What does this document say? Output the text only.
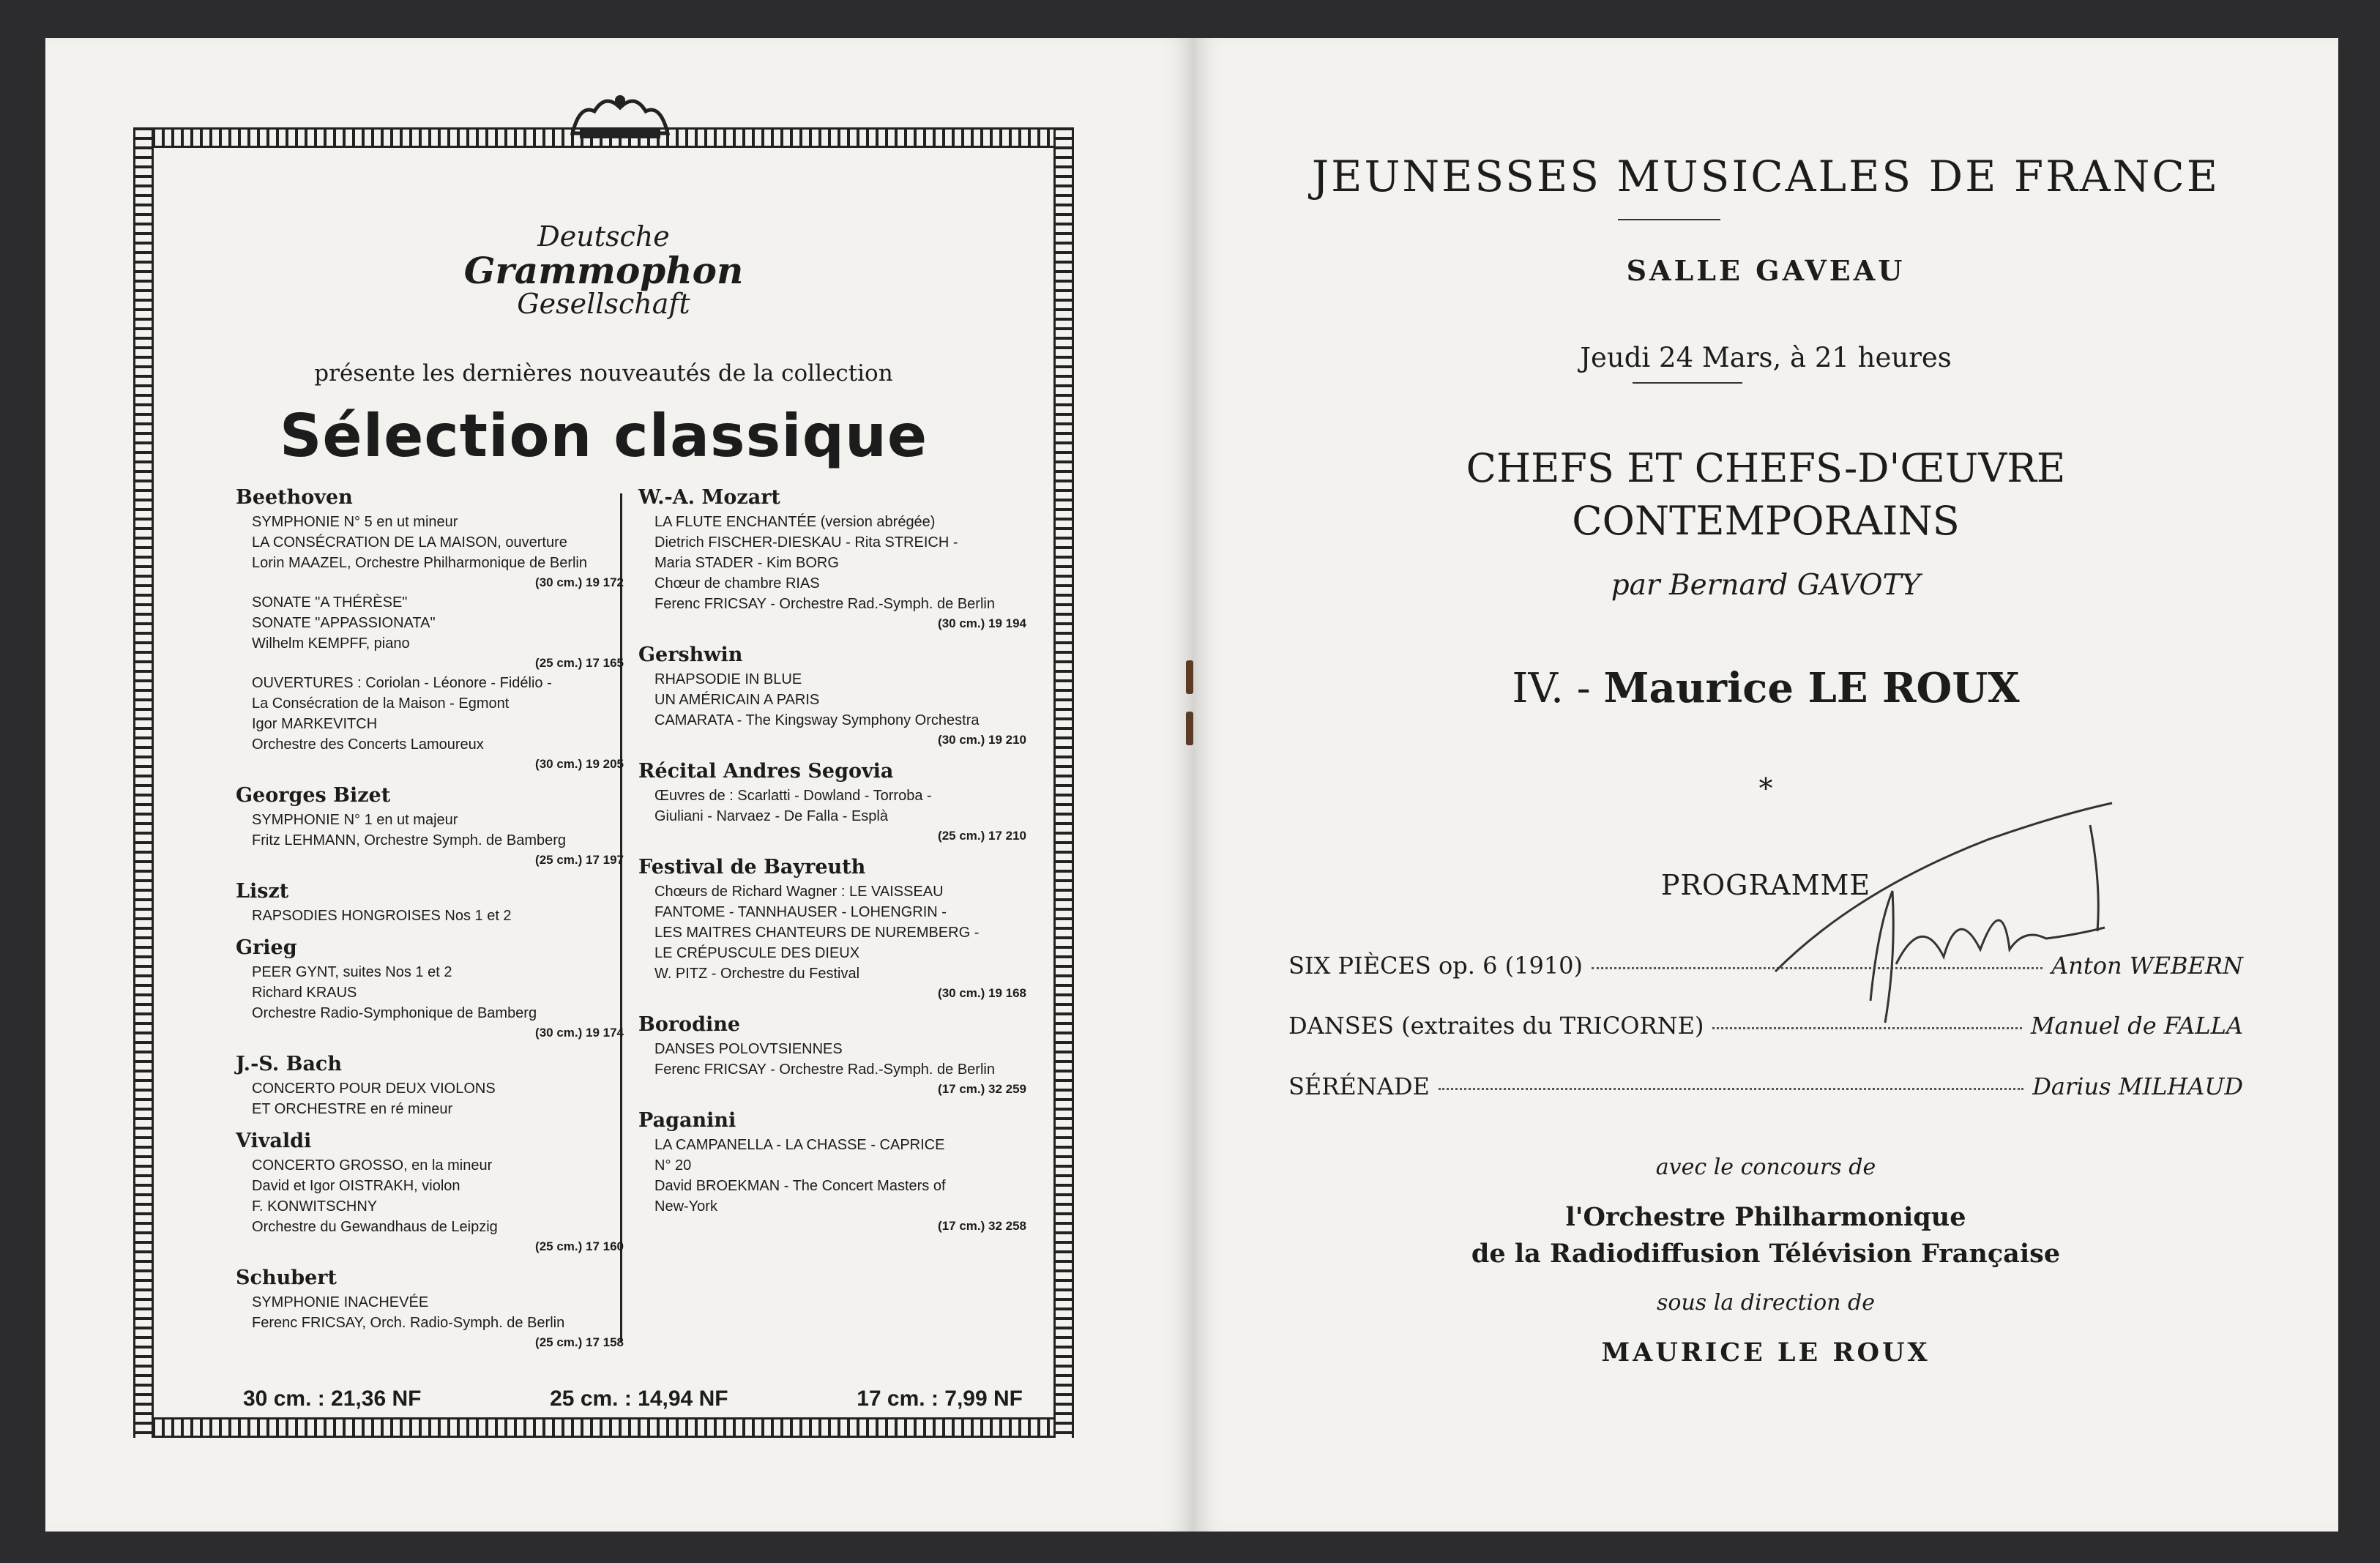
Deutsche
Grammophon
Gesellschaft
présente les dernières nouveautés de la collection
Sélection classique
Beethoven
SYMPHONIE N° 5 en ut mineur
LA CONSÉCRATION DE LA MAISON, ouverture
Lorin MAAZEL, Orchestre Philharmonique de Berlin
(30 cm.) 19 172
SONATE "A THÉRÈSE"
SONATE "APPASSIONATA"
Wilhelm KEMPFF, piano
(25 cm.) 17 165
OUVERTURES : Coriolan - Léonore - Fidélio -
La Consécration de la Maison - Egmont
Igor MARKEVITCH
Orchestre des Concerts Lamoureux
(30 cm.) 19 205
Georges Bizet
SYMPHONIE N° 1 en ut majeur
Fritz LEHMANN, Orchestre Symph. de Bamberg
(25 cm.) 17 197
Liszt
RAPSODIES HONGROISES Nos 1 et 2
Grieg
PEER GYNT, suites Nos 1 et 2
Richard KRAUS
Orchestre Radio-Symphonique de Bamberg
(30 cm.) 19 174
J.-S. Bach
CONCERTO POUR DEUX VIOLONS
ET ORCHESTRE en ré mineur
Vivaldi
CONCERTO GROSSO, en la mineur
David et Igor OISTRAKH, violon
F. KONWITSCHNY
Orchestre du Gewandhaus de Leipzig
(25 cm.) 17 160
Schubert
SYMPHONIE INACHEVÉE
Ferenc FRICSAY, Orch. Radio-Symph. de Berlin
(25 cm.) 17 158
W.-A. Mozart
LA FLUTE ENCHANTÉE (version abrégée)
Dietrich FISCHER-DIESKAU - Rita STREICH -
Maria STADER - Kim BORG
Chœur de chambre RIAS
Ferenc FRICSAY - Orchestre Rad.-Symph. de Berlin
(30 cm.) 19 194
Gershwin
RHAPSODIE IN BLUE
UN AMÉRICAIN A PARIS
CAMARATA - The Kingsway Symphony Orchestra
(30 cm.) 19 210
Récital Andres Segovia
Œuvres de : Scarlatti - Dowland - Torroba -
Giuliani - Narvaez - De Falla - Esplà
(25 cm.) 17 210
Festival de Bayreuth
Chœurs de Richard Wagner : LE VAISSEAU
FANTOME - TANNHAUSER - LOHENGRIN -
LES MAITRES CHANTEURS DE NUREMBERG -
LE CRÉPUSCULE DES DIEUX
W. PITZ - Orchestre du Festival
(30 cm.) 19 168
Borodine
DANSES POLOVTSIENNES
Ferenc FRICSAY - Orchestre Rad.-Symph. de Berlin
(17 cm.) 32 259
Paganini
LA CAMPANELLA - LA CHASSE - CAPRICE
N° 20
David BROEKMAN - The Concert Masters of
New-York
(17 cm.) 32 258
30 cm. : 21,36 NF	25 cm. : 14,94 NF	17 cm. : 7,99 NF
JEUNESSES MUSICALES DE FRANCE
SALLE GAVEAU
Jeudi 24 Mars, à 21 heures
CHEFS ET CHEFS-D'ŒUVRE
CONTEMPORAINS
par Bernard GAVOTY
IV. - Maurice LE ROUX
*
PROGRAMME
SIX PIÈCES op. 6 (1910)	Anton WEBERN
DANSES (extraites du TRICORNE)	Manuel de FALLA
SÉRÉNADE	Darius MILHAUD
avec le concours de
l'Orchestre Philharmonique
de la Radiodiffusion Télévision Française
sous la direction de
MAURICE LE ROUX
